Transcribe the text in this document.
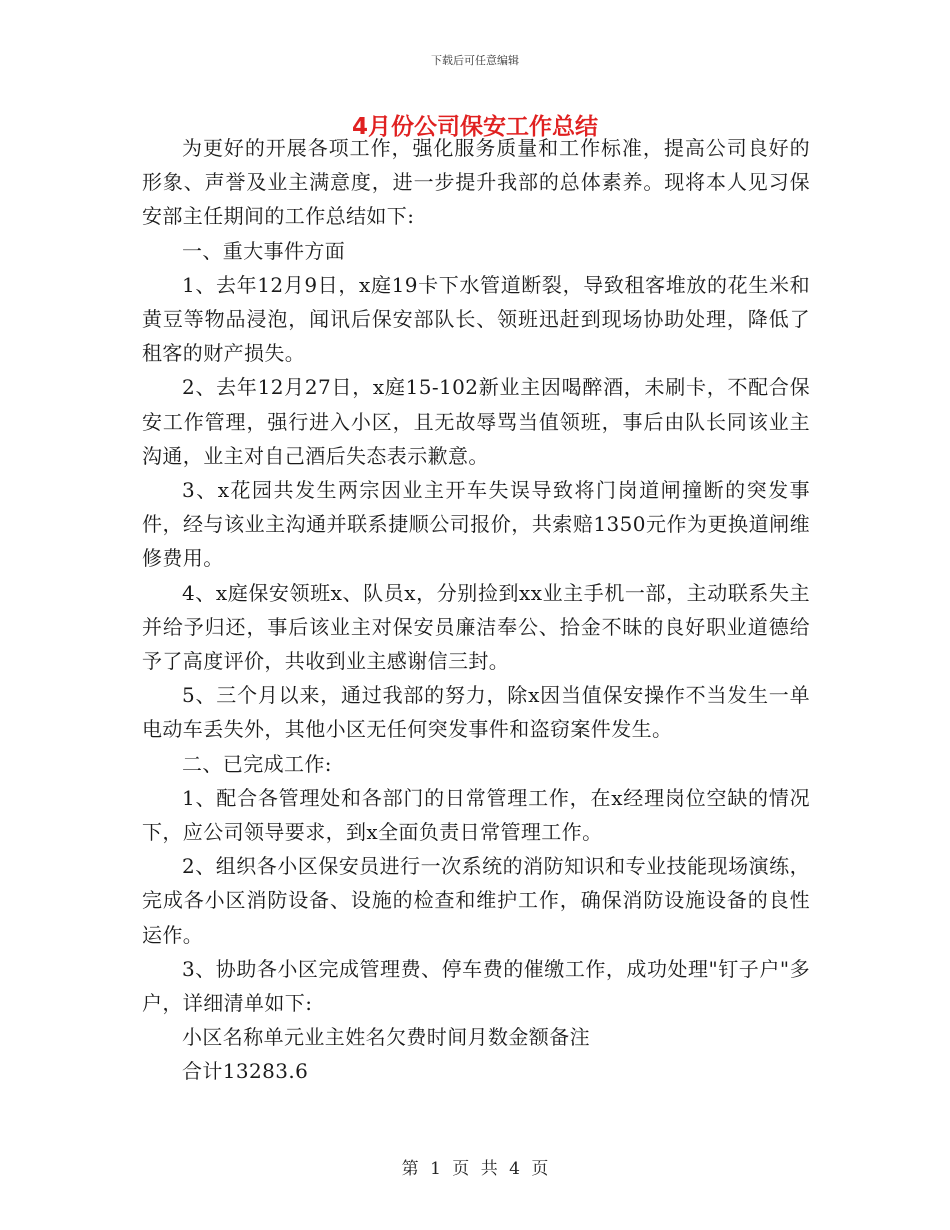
下载后可任意编辑
4月份公司保安工作总结

为更好的开展各项工作，强化服务质量和工作标准，提高公司良好的形象、声誉及业主满意度，进一步提升我部的总体素养。现将本人见习保安部主任期间的工作总结如下:

一、重大事件方面

1、去年12月9日，x庭19卡下水管道断裂，导致租客堆放的花生米和黄豆等物品浸泡，闻讯后保安部队长、领班迅赶到现场协助处理，降低了租客的财产损失。

2、去年12月27日，x庭15-102新业主因喝醉酒，未刷卡，不配合保安工作管理，强行进入小区，且无故辱骂当值领班，事后由队长同该业主沟通，业主对自己酒后失态表示歉意。

3、x花园共发生两宗因业主开车失误导致将门岗道闸撞断的突发事件，经与该业主沟通并联系捷顺公司报价，共索赔1350元作为更换道闸维修费用。

4、x庭保安领班x、队员x，分别捡到xx业主手机一部，主动联系失主并给予归还，事后该业主对保安员廉洁奉公、拾金不昧的良好职业道德给予了高度评价，共收到业主感谢信三封。

5、三个月以来，通过我部的努力，除x因当值保安操作不当发生一单电动车丢失外，其他小区无任何突发事件和盗窃案件发生。

二、已完成工作:

1、配合各管理处和各部门的日常管理工作，在x经理岗位空缺的情况下，应公司领导要求，到x全面负责日常管理工作。

2、组织各小区保安员进行一次系统的消防知识和专业技能现场演练，完成各小区消防设备、设施的检查和维护工作，确保消防设施设备的良性运作。

3、协助各小区完成管理费、停车费的催缴工作，成功处理"钉子户"多户，详细清单如下:

小区名称单元业主姓名欠费时间月数金额备注

合计13283.6

第 1 页 共 4 页
